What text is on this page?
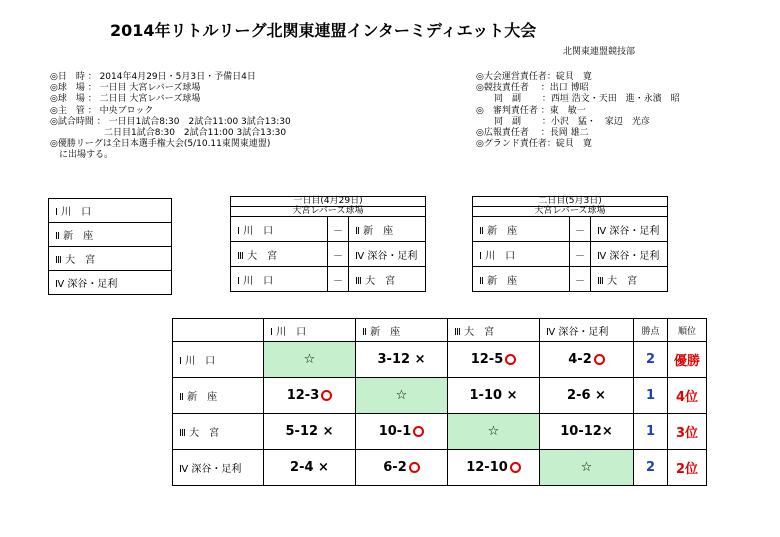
2014年リトルリーグ北関東連盟インターミディエット大会
北関東連盟競技部
◎日　時 ： 2014年4月29日・5月3日・予備日4日
◎球　場 ： 一日目 大宮レバーズ球場
◎球　場 ： 二日目 大宮レバーズ球場
◎主　管 ： 中央ブロック
◎試合時間 ： 一日目1試合8:30　2試合11:00 3試合13:30
　　　　　　二日目1試合8:30　2試合11:00 3試合13:30
◎優勝リーグは全日本選手権大会(5/10.11東関東連盟)
　に出場する。
◎大会運営責任者：碇貝　寛
◎競技責任者　 ：出口 博昭
　　同　副　　 ：西垣 浩文・天田　進・永濱　昭
◎　審判責任者 ：東　敏一
　　同　副　　 ：小沢　猛・　家辺　光彦
◎広報責任者　 ：長岡 雄二
◎グランド責任者：碇貝　寛
Ⅰ 川　口
Ⅱ 新　座
Ⅲ 大　宮
Ⅳ 深谷・足利
一日目(4月29日)		
大宮レバーズ球場		
Ⅰ 川　口	－	Ⅱ 新　座
Ⅲ 大　宮	－	Ⅳ 深谷・足利
Ⅰ 川　口	－	Ⅲ 大　宮
二日目(5月3日)		
大宮レバーズ球場		
Ⅱ 新　座	－	Ⅳ 深谷・足利
Ⅰ 川　口	－	Ⅳ 深谷・足利
Ⅱ 新　座	－	Ⅲ 大　宮
	Ⅰ 川　口	Ⅱ 新　座	Ⅲ 大　宮	Ⅳ 深谷・足利	勝点	順位
Ⅰ 川　口	☆	3-12 ×	12-5	4-2	2	優勝
Ⅱ 新　座	12-3	☆	1-10 ×	2-6 ×	1	4位
Ⅲ 大　宮	5-12 ×	10-1	☆	10-12×	1	3位
Ⅳ 深谷・足利	2-4 ×	6-2	12-10	☆	2	2位
